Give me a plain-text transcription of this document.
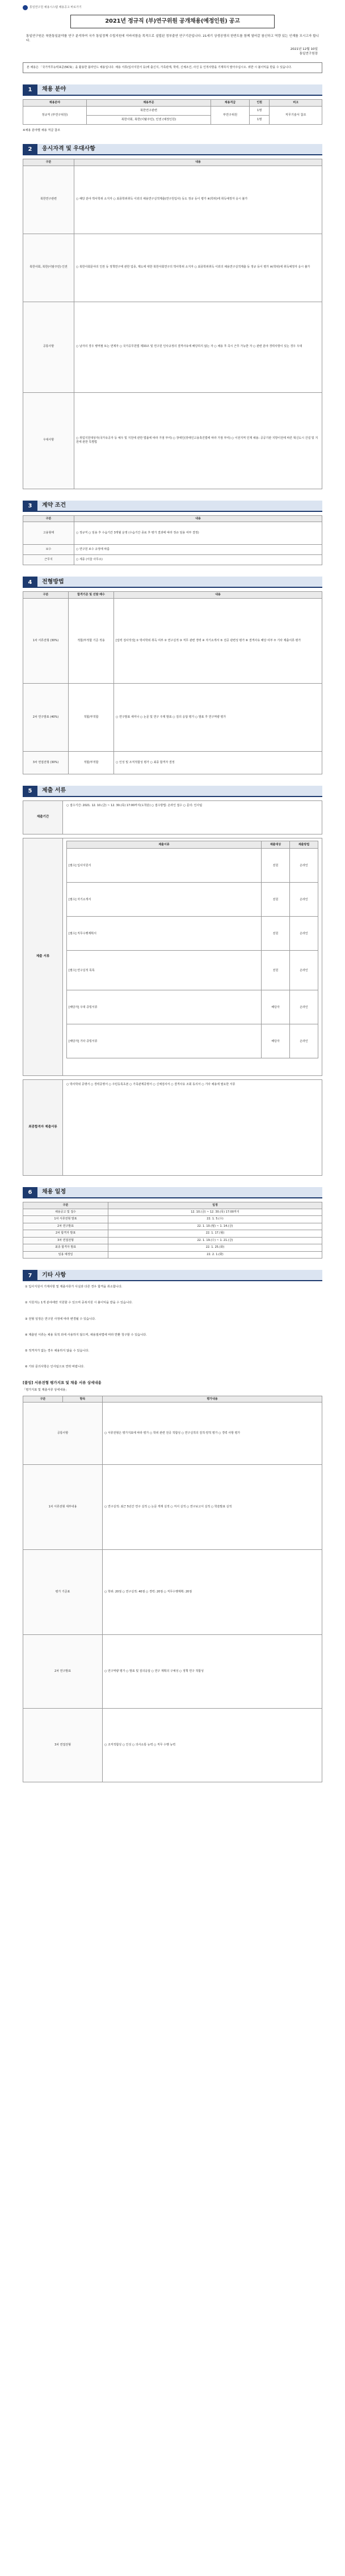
통일연구원 채용시스템 채용공고 바로가기
2021년 정규직 (부)연구위원 공개채용(예정인원) 공고
통일연구원은 북한통일분야를 연구 분석하여 국가 통일정책 수립지원에 이바지함을 목적으로 설립된 정부출연 연구기관입니다. 21세기 상생공영의 한반도를 함께 열어갈 참신하고 역량 있는 인재를 모시고자 합니다.
2021년 12월 10일
통일연구원장
본 채용은 「국가직무능력표준(NCS)」을 활용한 블라인드 채용입니다. 채용 서류(입사지원서 등)에 출신지, 가족관계, 학력, 신체조건, 사진 등 인적사항을 기재하지 말아주십시오. 위반 시 불이익을 받을 수 있습니다.
1	채용 분야
채용분야	채용부문	채용직급	인원	비고
정규직 (부연구위원)	북한연구관련	부연구위원	1명	직무기술서 참조
	북한사회, 북한(이탈주민), 인권 (예정인원)		1명	
※채용 분야별 채용 직급 참조
2	응시자격 및 우대사항
구분	내용
북한연구관련	○ 해당 분야 박사학위 소지자 ○ 최종학위취득 이외의 채용연구실적제출(연구원입사) 등도 정규 등이 평가 ※(학위)에 취득예정자 응시 불가
북한사회, 북한(이탈주민)·인권	○ 북한사회문야의 인권 등 정책연구에 관한 업종, 제도에 대한 북한사회연구의 박사학위 소지자 ○ 최종학위취득 이외의 채용연구실적제출 등 정규 등이 평가 ※(학위)에 취득예정자 응시 불가
공통사항	○ 남자의 경우 병역필 또는 면제자 ○ 국가공무원법 제33조 및 연구원 인사규정의 결격사유에 해당하지 않는 자 ○ 채용 후 즉시 근무 가능한 자 ○ 관련 분야 경력사항이 있는 경우 우대
우대사항	○ 취업지원대상자(국가유공자 등 예우 및 지원에 관한 법률에 따라 가점 부여) ○ 장애인(장애인고용촉진법에 따라 가점 부여) ○ 이전지역 인재 채용: 공공기관 지방이전에 따른 혁신도시 건설 및 지원에 관한 특별법
3	계약 조건
구분	내용
고용형태	○ 정규직 ○ 임용 후 수습기간 3개월 운영 (수습기간 종료 후 평가 결과에 따라 정규 임용 여부 결정)
보수	○ 연구원 보수 규정에 따름
근무지	○ 세종 (서울 사무소)
4	전형방법
구분	합격기준 및 선발 배수	내용
1차 서류전형 (30%)	적합/부적합 기준 적용	[입력 검사작성] ① 박사학위 취득 여부 ② 연구실적 ③ 직무 관련 경력 ④ 자기소개서 ⑤ 전공 관련성 평가 ⑥ 결격사유 해당 여부 ⑦ 기타 제출서류 평가
2차 연구발표 (40%)	적합/부적합	○ 연구발표 세미나 ○ 논문 및 연구 주제 발표 ○ 질의 응답 평가 ○ 발표 후 연구역량 평가
3차 면접전형 (30%)	적합/부적합	○ 인성 및 조직적합성 평가 ○ 최종 합격자 결정
5	제출 서류
제출기간
○ 접수기간: 2021. 12. 10.(금) ~ 12. 30.(목) 17:00까지(도착분) ○ 접수방법: 온라인 접수 ○ 문의: 인사팀
제출 서류
제출서류	제출대상	제출방법
[필수] 입사지원서	전원	온라인
[필수] 자기소개서	전원	온라인
[필수] 직무수행계획서	전원	온라인
[필수] 연구실적 목록	전원	온라인
[해당자] 우대 증빙서류	해당자	온라인
[해당자] 기타 증빙서류	해당자	온라인
최종합격자 제출서류
○ 박사학위 증명서 ○ 경력증명서 ○ 주민등록초본 ○ 가족관계증명서 ○ 신체검사서 ○ 결격사유 조회 동의서 ○ 기타 채용에 필요한 서류
6	채용 일정
구분	일정
채용공고 및 접수	12. 10.(금) ~ 12. 30.(목) 17:00까지
1차 서류전형 발표	22. 1. 5.(수)
2차 연구발표	22. 1. 10.(월) ~ 1. 14.(금)
2차 합격자 발표	22. 1. 17.(월)
3차 면접전형	22. 1. 19.(수) ~ 1. 21.(금)
최종 합격자 발표	22. 1. 25.(화)
임용 예정일	22. 2. 1.(화)
7	기타 사항
① 입사지원서 기재사항 및 제출서류가 사실과 다른 경우 합격을 취소합니다.
② 지원자는 1개 분야에만 지원할 수 있으며 중복지원 시 불이익을 받을 수 있습니다.
③ 전형 일정은 연구원 사정에 따라 변경될 수 있습니다.
④ 제출된 서류는 채용 목적 외에 사용하지 않으며, 채용절차법에 따라 반환 청구할 수 있습니다.
⑤ 적격자가 없는 경우 채용하지 않을 수 있습니다.
⑥ 기타 문의사항은 인사팀으로 연락 바랍니다.
[붙임] 서류전형 평가지표 및 채용 서류 상세내용
「평가지표 및 제출서류 상세내용」
구분	항목	평가내용
공통사항		○ 서류전형은 평가지표에 따라 평가 ○ 학위 관련 전공 적합성 ○ 연구실적의 질적·양적 평가 ○ 경력 사항 평가
1차 서류전형 세부내용		○ 연구실적: 최근 5년간 연구 실적 ○ 논문 게재 실적 ○ 저서 실적 ○ 연구보고서 실적 ○ 학술발표 실적
평가 기준표		○ 학위: 20점 ○ 연구실적: 40점 ○ 경력: 20점 ○ 직무수행계획: 20점
2차 연구발표		○ 연구역량 평가 ○ 발표 및 질의응답 ○ 연구 계획의 구체성 ○ 정책 연구 적합성
3차 면접전형		○ 조직적합성 ○ 인성 ○ 의사소통 능력 ○ 직무 수행 능력
